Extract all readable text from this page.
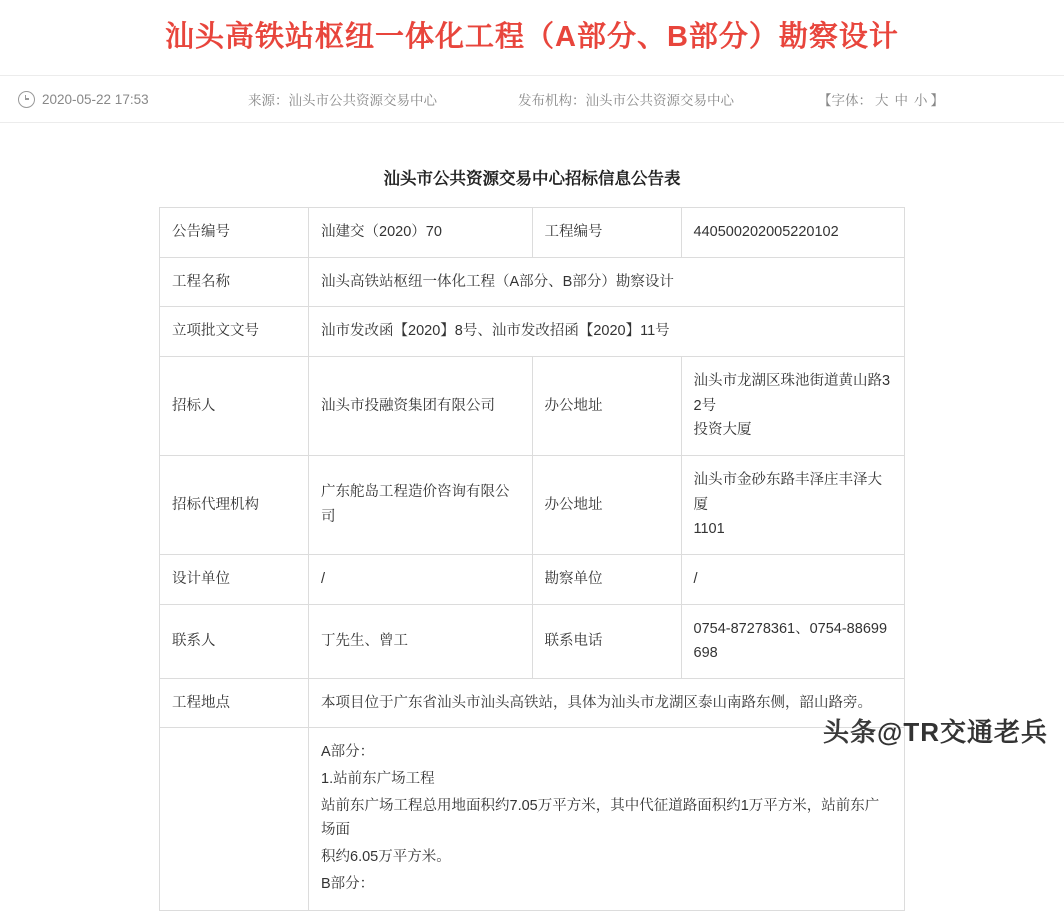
汕头高铁站枢纽一体化工程（A部分、B部分）勘察设计
2020-05-22 17:53	来源：汕头市公共资源交易中心	发布机构：汕头市公共资源交易中心	【字体： 大 中 小 】
汕头市公共资源交易中心招标信息公告表
公告编号	汕建交（2020）70	工程编号	440500202005220102
工程名称	汕头高铁站枢纽一体化工程（A部分、B部分）勘察设计		
立项批文文号	汕市发改函【2020】8号、汕市发改招函【2020】11号		
招标人	汕头市投融资集团有限公司	办公地址	汕头市龙湖区珠池街道黄山路32号
投资大厦

招标代理机构	广东舵岛工程造价咨询有限公司	办公地址	汕头市金砂东路丰泽庄丰泽大厦
1101

设计单位	/	勘察单位	/
联系人	丁先生、曾工	联系电话	0754-87278361、0754-88699698
工程地点	本项目位于广东省汕头市汕头高铁站，具体为汕头市龙湖区泰山南路东侧，韶山路旁。		

	A部分：
1.站前东广场工程
站前东广场工程总用地面积约7.05万平方米，其中代征道路面积约1万平方米，站前东广场面
积约6.05万平方米。
B部分：		
头条@TR交通老兵
